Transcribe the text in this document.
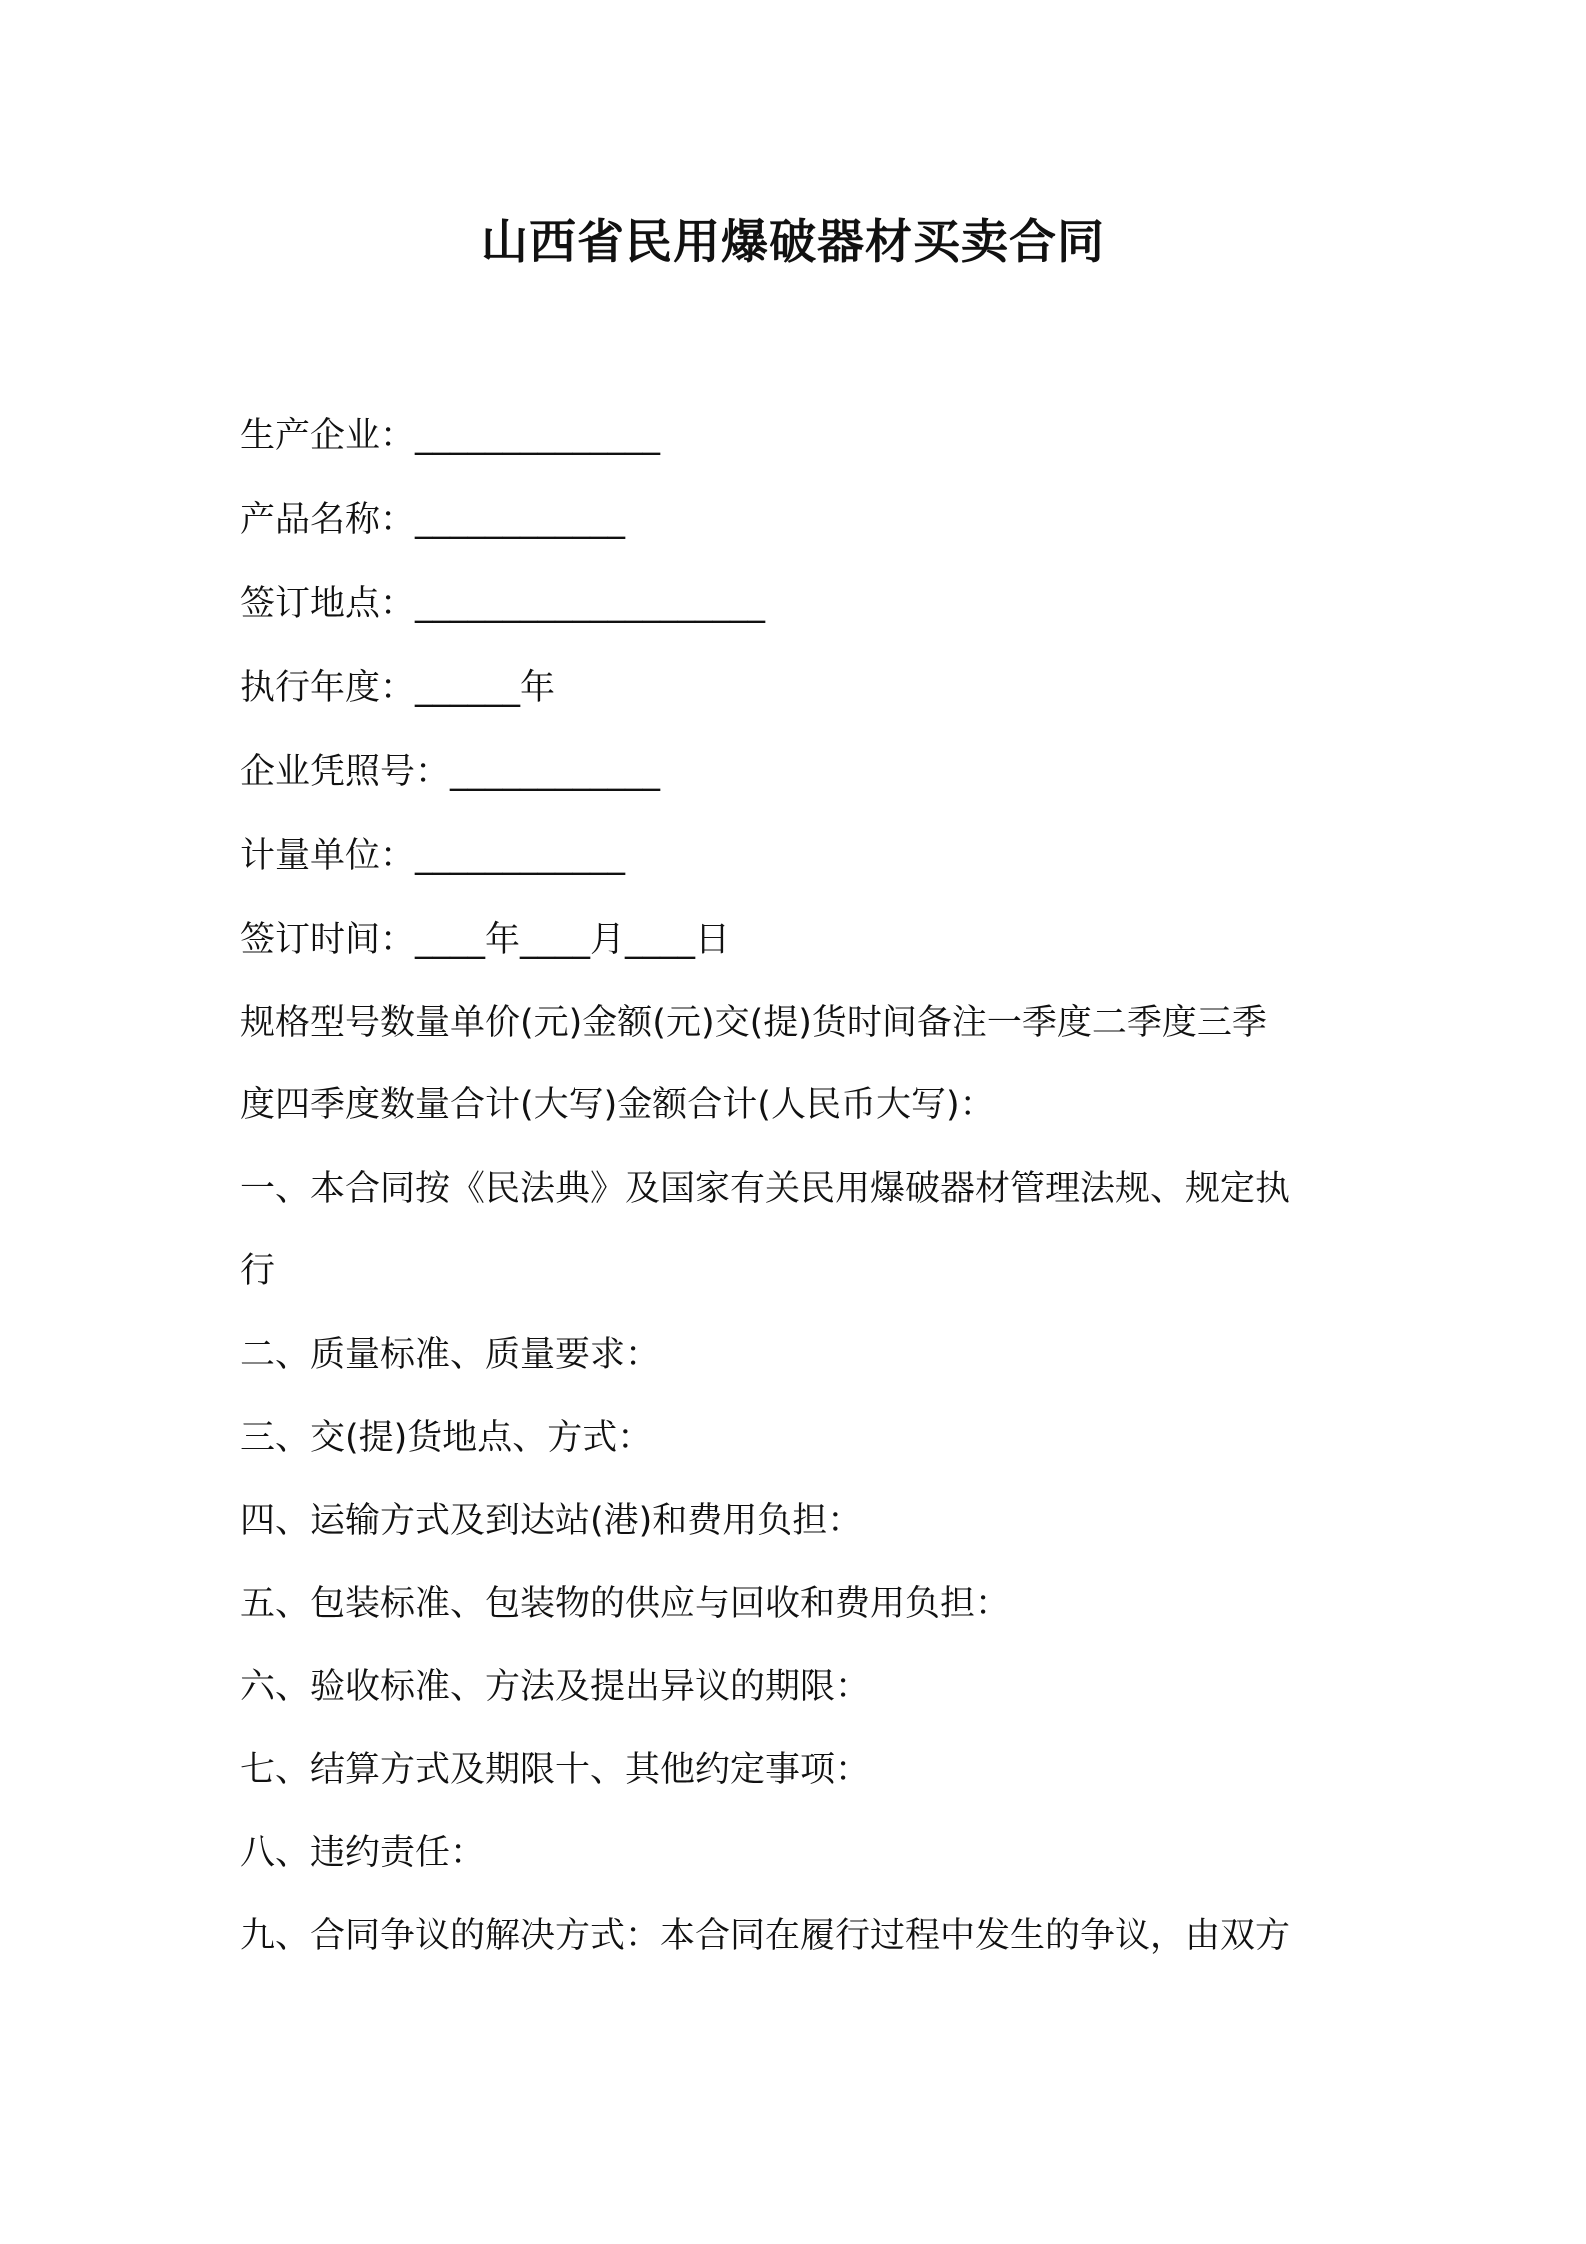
山西省民用爆破器材买卖合同
生产企业：______________
产品名称：____________
签订地点：____________________
执行年度：______年
企业凭照号：____________
计量单位：____________
签订时间：____年____月____日
规格型号数量单价(元)金额(元)交(提)货时间备注一季度二季度三季
度四季度数量合计(大写)金额合计(人民币大写)：
一、本合同按《民法典》及国家有关民用爆破器材管理法规、规定执
行
二、质量标准、质量要求：
三、交(提)货地点、方式：
四、运输方式及到达站(港)和费用负担：
五、包装标准、包装物的供应与回收和费用负担：
六、验收标准、方法及提出异议的期限：
七、结算方式及期限十、其他约定事项：
八、违约责任：
九、合同争议的解决方式：本合同在履行过程中发生的争议，由双方
